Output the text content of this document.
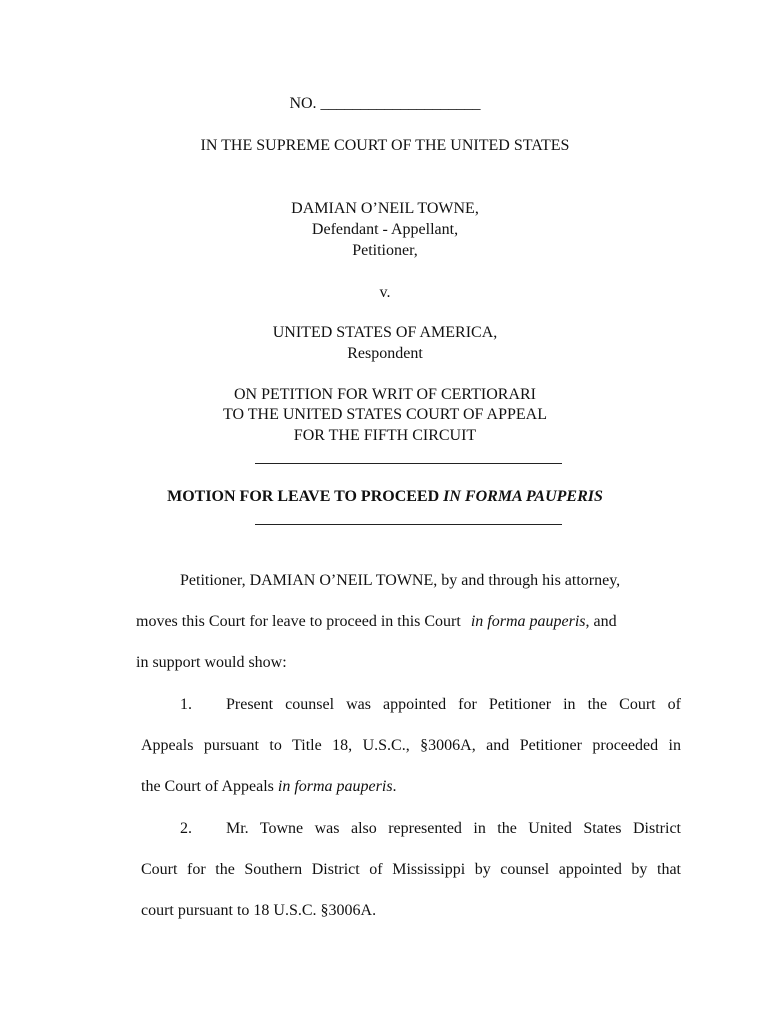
NO. ____________________
IN THE SUPREME COURT OF THE UNITED STATES
DAMIAN O’NEIL TOWNE,
Defendant - Appellant,
Petitioner,
v.
UNITED STATES OF AMERICA,
Respondent
ON PETITION FOR WRIT OF CERTIORARI
TO THE UNITED STATES COURT OF APPEAL
FOR THE FIFTH CIRCUIT
MOTION FOR LEAVE TO PROCEED IN FORMA PAUPERIS
Petitioner, DAMIAN O’NEIL TOWNE, by and through his attorney,
moves this Court for leave to proceed in this Court in forma pauperis, and
in support would show:
1. Present counsel was appointed for Petitioner in the Court of
Appeals pursuant to Title 18, U.S.C., §3006A, and Petitioner proceeded in
the Court of Appeals in forma pauperis.
2. Mr. Towne was also represented in the United States District
Court for the Southern District of Mississippi by counsel appointed by that
court pursuant to 18 U.S.C. §3006A.
